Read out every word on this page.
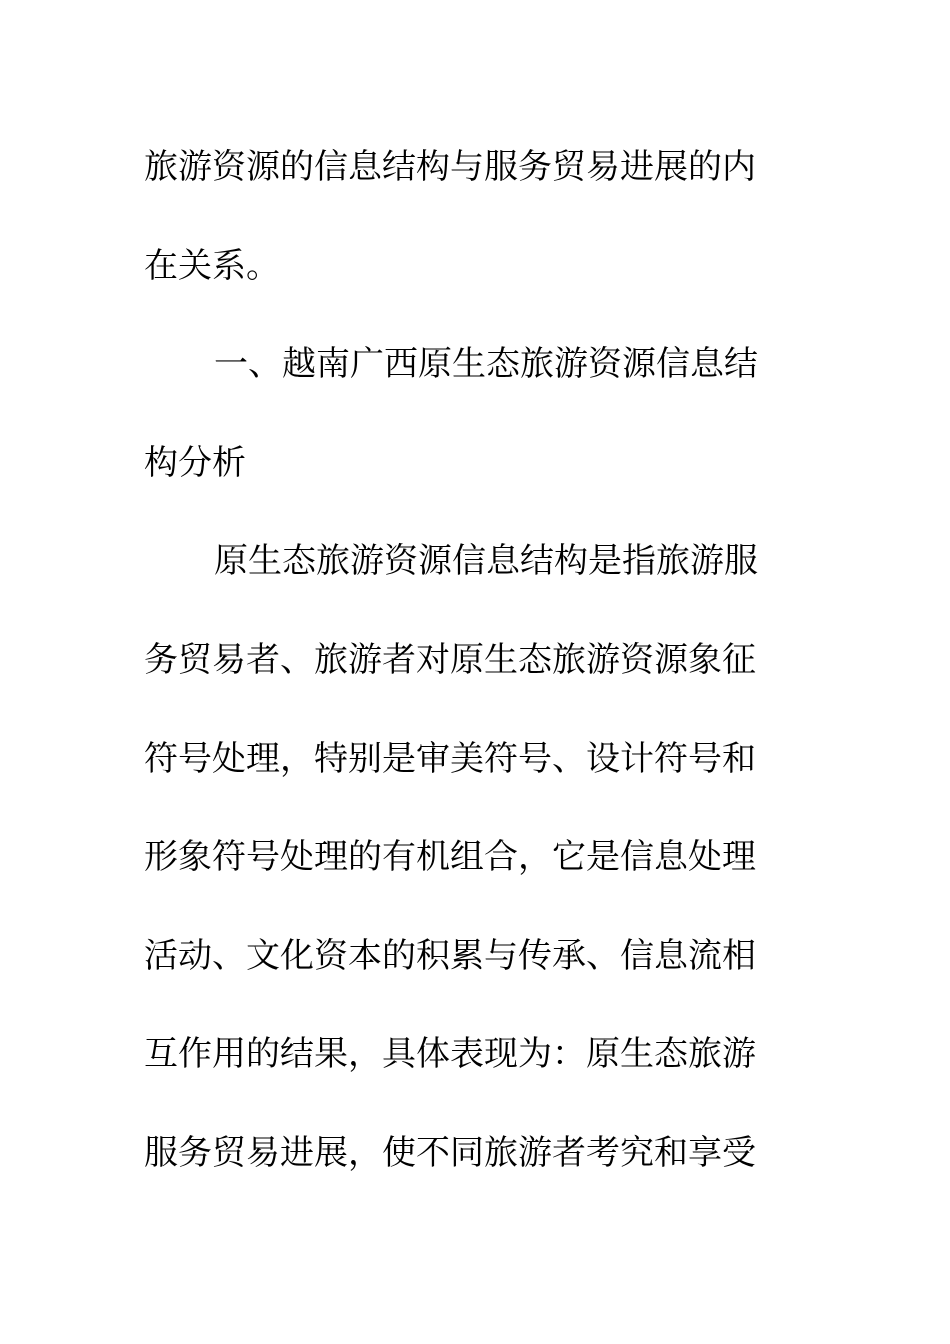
旅游资源的信息结构与服务贸易进展的内
在关系。
一、越南广西原生态旅游资源信息结
构分析
原生态旅游资源信息结构是指旅游服
务贸易者、旅游者对原生态旅游资源象征
符号处理，特别是审美符号、设计符号和
形象符号处理的有机组合，它是信息处理
活动、文化资本的积累与传承、信息流相
互作用的结果，具体表现为：原生态旅游
服务贸易进展，使不同旅游者考究和享受
